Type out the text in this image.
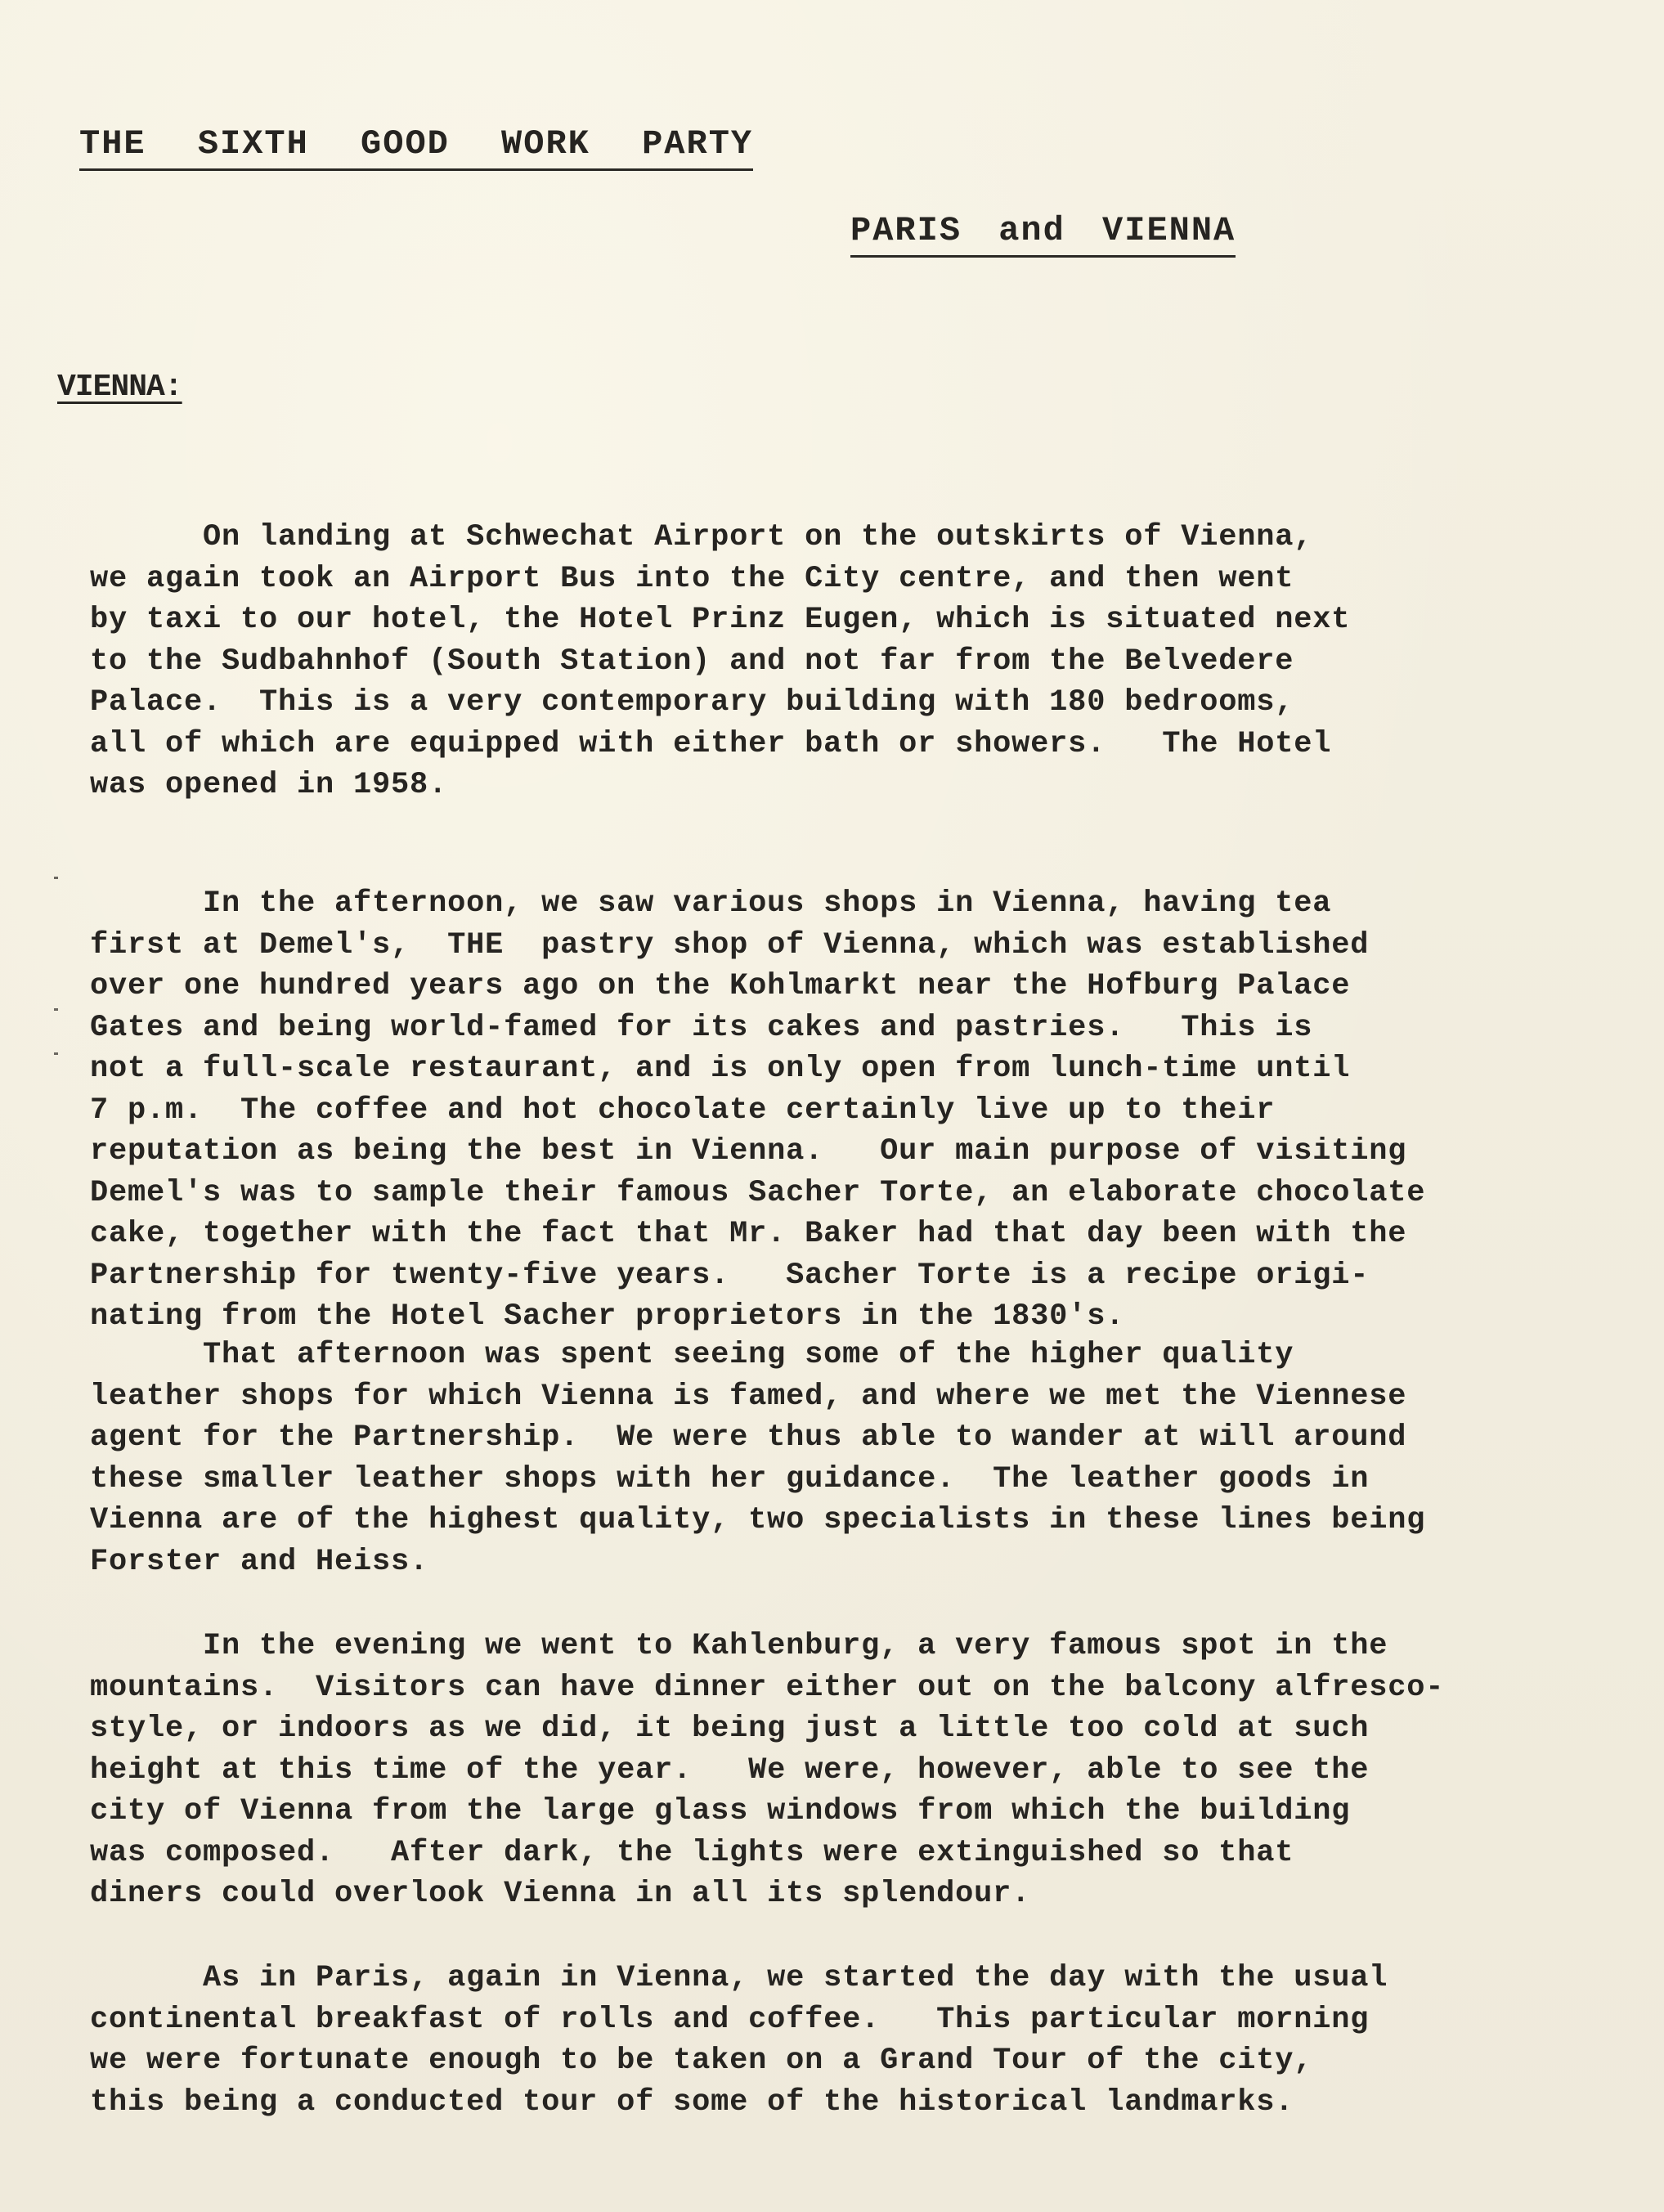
THE SIXTH GOOD WORK PARTY
PARIS and VIENNA
VIENNA:
On landing at Schwechat Airport on the outskirts of Vienna,
we again took an Airport Bus into the City centre, and then went
by taxi to our hotel, the Hotel Prinz Eugen, which is situated next
to the Sudbahnhof (South Station) and not far from the Belvedere
Palace.  This is a very contemporary building with 180 bedrooms,
all of which are equipped with either bath or showers.   The Hotel
was opened in 1958.
In the afternoon, we saw various shops in Vienna, having tea
first at Demel's,  THE  pastry shop of Vienna, which was established
over one hundred years ago on the Kohlmarkt near the Hofburg Palace
Gates and being world-famed for its cakes and pastries.   This is
not a full-scale restaurant, and is only open from lunch-time until
7 p.m.  The coffee and hot chocolate certainly live up to their
reputation as being the best in Vienna.   Our main purpose of visiting
Demel's was to sample their famous Sacher Torte, an elaborate chocolate
cake, together with the fact that Mr. Baker had that day been with the
Partnership for twenty-five years.   Sacher Torte is a recipe origi-
nating from the Hotel Sacher proprietors in the 1830's.
That afternoon was spent seeing some of the higher quality
leather shops for which Vienna is famed, and where we met the Viennese
agent for the Partnership.  We were thus able to wander at will around
these smaller leather shops with her guidance.  The leather goods in
Vienna are of the highest quality, two specialists in these lines being
Forster and Heiss.
In the evening we went to Kahlenburg, a very famous spot in the
mountains.  Visitors can have dinner either out on the balcony alfresco-
style, or indoors as we did, it being just a little too cold at such
height at this time of the year.   We were, however, able to see the
city of Vienna from the large glass windows from which the building
was composed.   After dark, the lights were extinguished so that
diners could overlook Vienna in all its splendour.
As in Paris, again in Vienna, we started the day with the usual
continental breakfast of rolls and coffee.   This particular morning
we were fortunate enough to be taken on a Grand Tour of the city,
this being a conducted tour of some of the historical landmarks.
